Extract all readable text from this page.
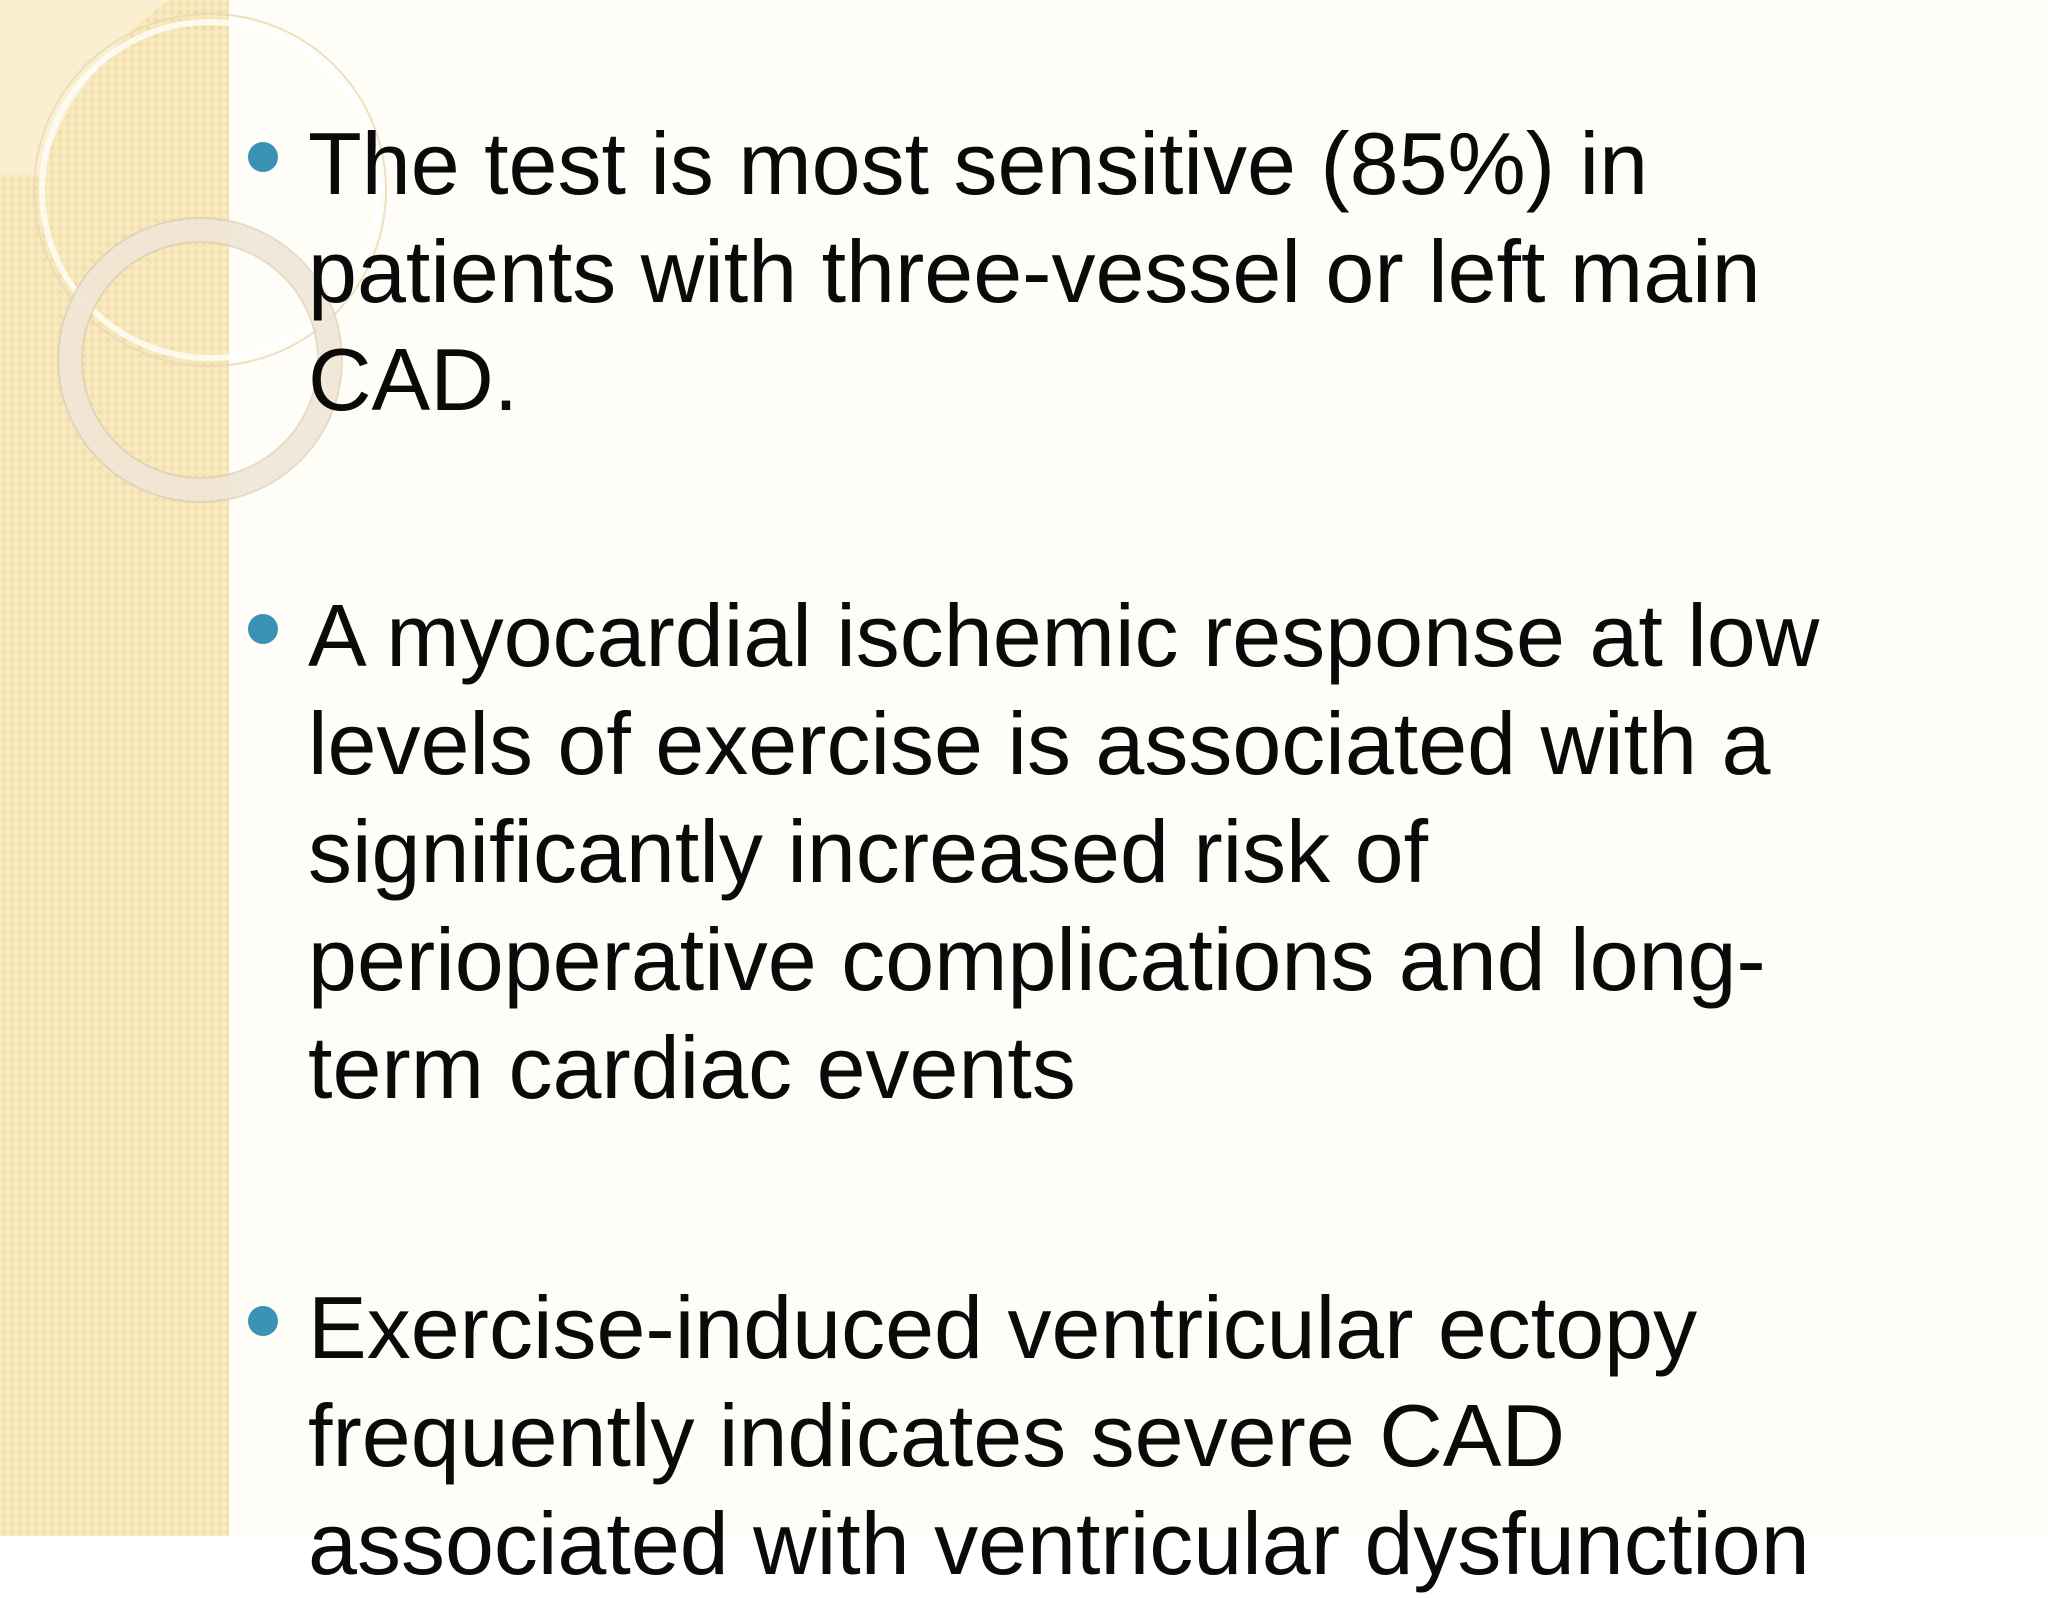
The test is most sensitive (85%) in
patients with three-vessel or left main
CAD.

A myocardial ischemic response at low
levels of exercise is associated with a
significantly increased risk of
perioperative complications and long-
term cardiac events

Exercise-induced ventricular ectopy
frequently indicates severe CAD
associated with ventricular dysfunction
